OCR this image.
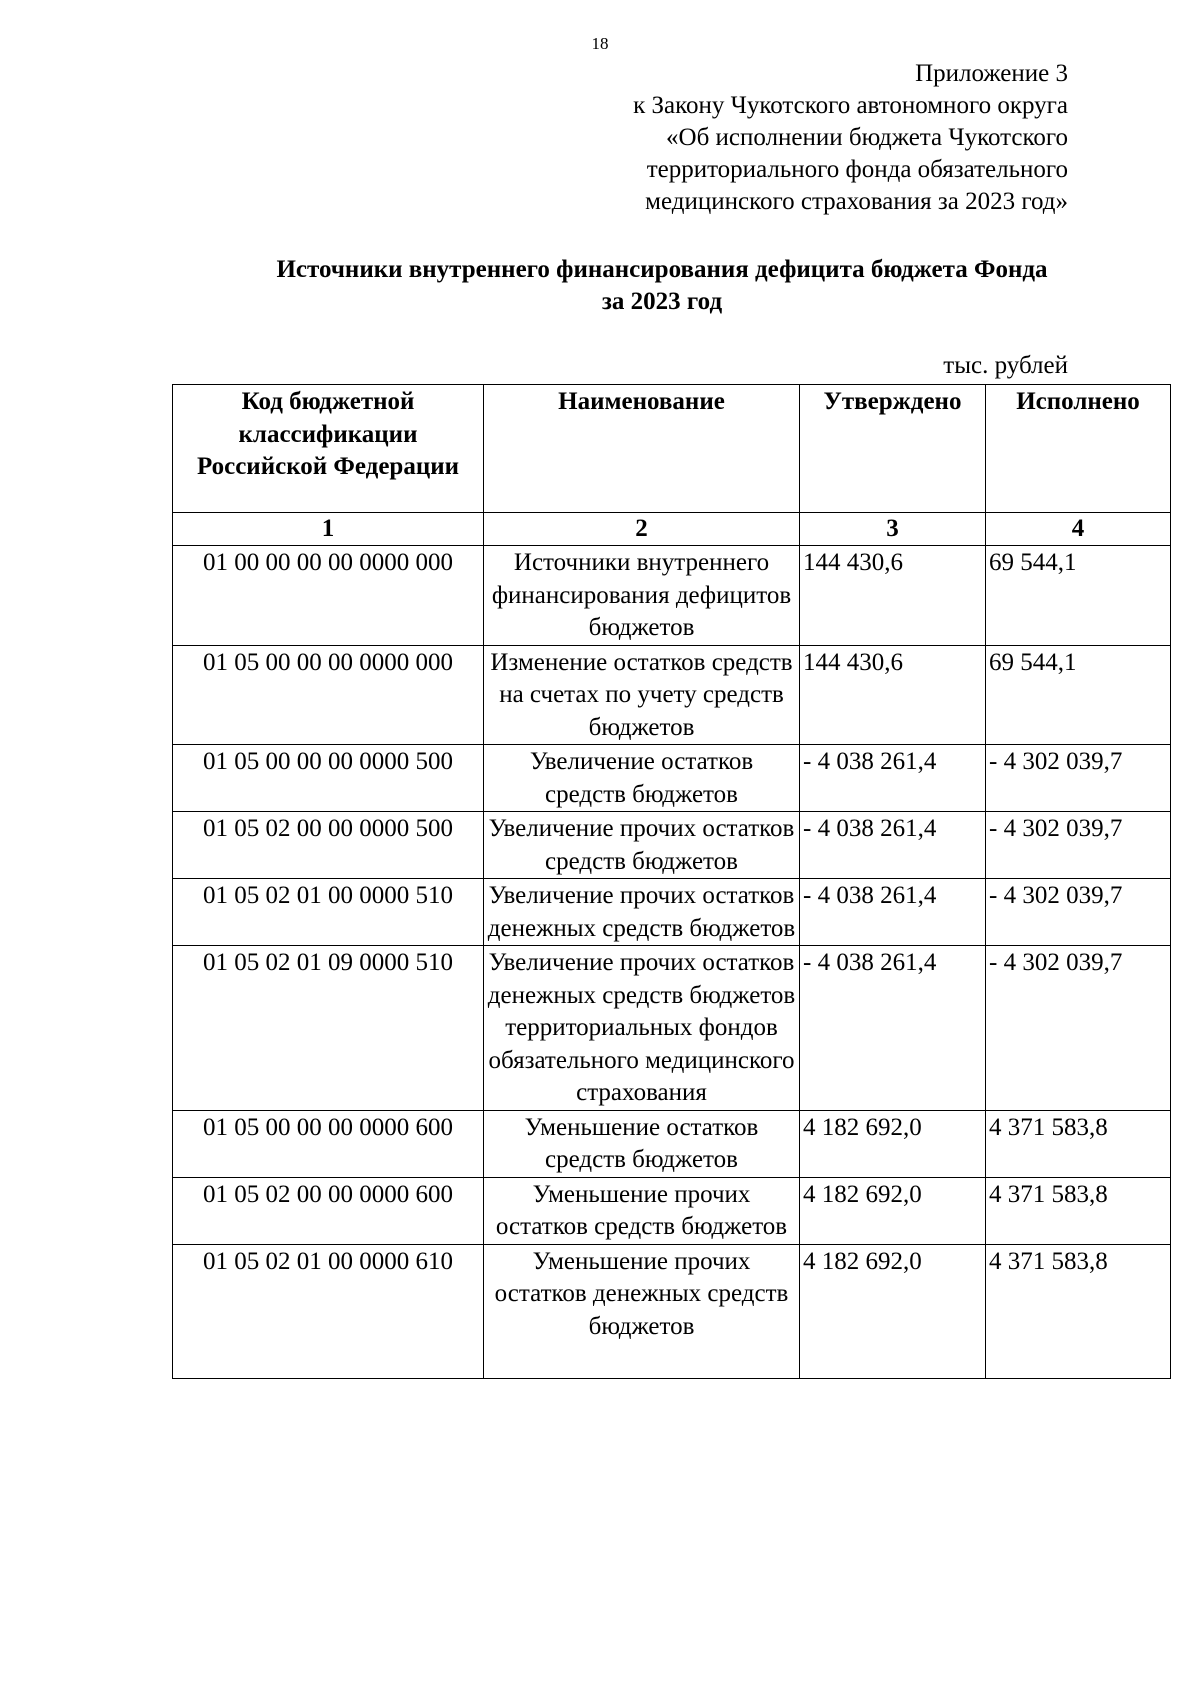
18
Приложение 3
к Закону Чукотского автономного округа
«Об исполнении бюджета Чукотского
территориального фонда обязательного
медицинского страхования за 2023 год»
Источники внутреннего финансирования дефицита бюджета Фонда
за 2023 год
тыс. рублей
Код бюджетной классификации Российской Федерации	Наименование	Утверждено	Исполнено
1	2	3	4
01 00 00 00 00 0000 000	Источники внутреннего финансирования дефицитов бюджетов	144 430,6	69 544,1
01 05 00 00 00 0000 000	Изменение остатков средств на счетах по учету средств бюджетов	144 430,6	69 544,1
01 05 00 00 00 0000 500	Увеличение остатков средств бюджетов	- 4 038 261,4	- 4 302 039,7
01 05 02 00 00 0000 500	Увеличение прочих остатков средств бюджетов	- 4 038 261,4	- 4 302 039,7
01 05 02 01 00 0000 510	Увеличение прочих остатков денежных средств бюджетов	- 4 038 261,4	- 4 302 039,7
01 05 02 01 09 0000 510	Увеличение прочих остатков денежных средств бюджетов территориальных фондов обязательного медицинского страхования	- 4 038 261,4	- 4 302 039,7
01 05 00 00 00 0000 600	Уменьшение остатков средств бюджетов	4 182 692,0	4 371 583,8
01 05 02 00 00 0000 600	Уменьшение прочих остатков средств бюджетов	4 182 692,0	4 371 583,8
01 05 02 01 00 0000 610	Уменьшение прочих остатков денежных средств бюджетов	4 182 692,0	4 371 583,8
